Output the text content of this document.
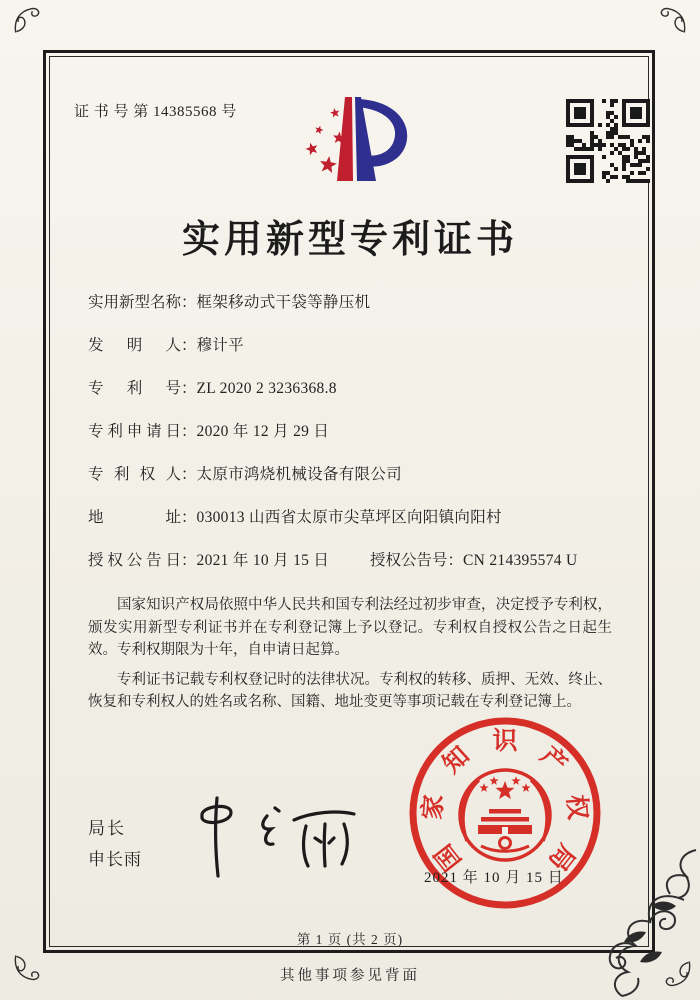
证 书 号 第 14385568 号
实用新型专利证书
实用新型名称：框架移动式干袋等静压机
发明人：穆计平
专利号：ZL 2020 2 3236368.8
专利申请日：2020 年 12 月 29 日
专利权人：太原市鸿烧机械设备有限公司
地址：030013 山西省太原市尖草坪区向阳镇向阳村
授权公告日：2021 年 10 月 15 日	授权公告号：CN 214395574 U

国家知识产权局依照中华人民共和国专利法经过初步审查，决定授予专利权，颁发实用新型专利证书并在专利登记簿上予以登记。专利权自授权公告之日起生效。专利权期限为十年，自申请日起算。

专利证书记载专利权登记时的法律状况。专利权的转移、质押、无效、终止、恢复和专利权人的姓名或名称、国籍、地址变更等事项记载在专利登记簿上。

局长
申长雨	国
家
知
识
产
权
局
2021 年 10 月 15 日
第 1 页 (共 2 页)
其他事项参见背面
